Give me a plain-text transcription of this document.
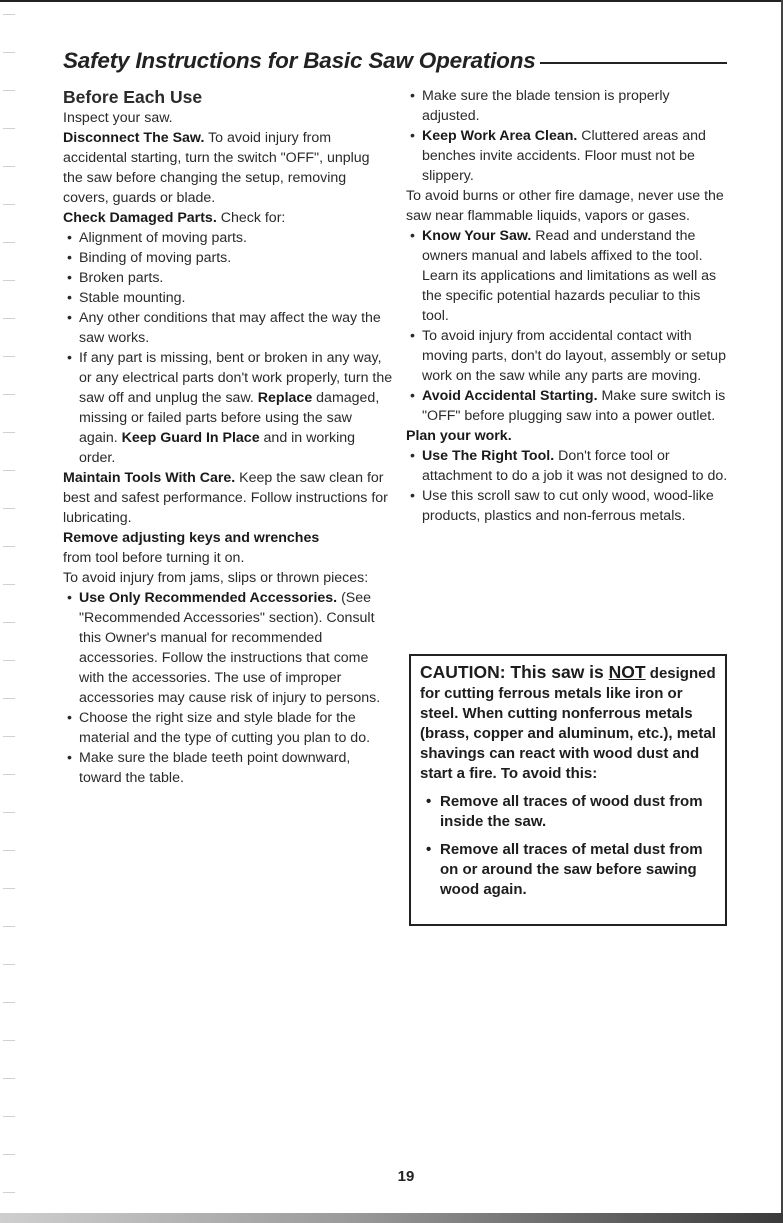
Safety Instructions for Basic Saw Operations

Before Each Use

Inspect your saw.

Disconnect The Saw. To avoid injury from accidental starting, turn the switch "OFF", unplug the saw before changing the setup, removing covers, guards or blade.

Check Damaged Parts. Check for:

• Alignment of moving parts.

• Binding of moving parts.

• Broken parts.

• Stable mounting.

• Any other conditions that may affect the way the saw works.

• If any part is missing, bent or broken in any way, or any electrical parts don't work properly, turn the saw off and unplug the saw. Replace damaged, missing or failed parts before using the saw again. Keep Guard In Place and in working order.

Maintain Tools With Care. Keep the saw clean for best and safest performance. Follow instructions for lubricating.

Remove adjusting keys and wrenches

from tool before turning it on.

To avoid injury from jams, slips or thrown pieces:

• Use Only Recommended Accessories. (See "Recommended Accessories" section). Consult this Owner's manual for recommended accessories. Follow the instructions that come with the accessories. The use of improper accessories may cause risk of injury to persons.

• Choose the right size and style blade for the material and the type of cutting you plan to do.

• Make sure the blade teeth point downward, toward the table.

• Make sure the blade tension is properly adjusted.

• Keep Work Area Clean. Cluttered areas and benches invite accidents. Floor must not be slippery.

To avoid burns or other fire damage, never use the saw near flammable liquids, vapors or gases.

• Know Your Saw. Read and understand the owners manual and labels affixed to the tool. Learn its applications and limitations as well as the specific potential hazards peculiar to this tool.

• To avoid injury from accidental contact with moving parts, don't do layout, assembly or setup work on the saw while any parts are moving.

• Avoid Accidental Starting. Make sure switch is "OFF" before plugging saw into a power outlet.

Plan your work.

• Use The Right Tool. Don't force tool or attachment to do a job it was not designed to do.

• Use this scroll saw to cut only wood, wood-like products, plastics and non-ferrous metals.

CAUTION: This saw is NOT designed for cutting ferrous metals like iron or steel. When cutting nonferrous metals (brass, copper and aluminum, etc.), metal shavings can react with wood dust and start a fire. To avoid this:
• Remove all traces of wood dust from inside the saw.
• Remove all traces of metal dust from on or around the saw before sawing wood again.
19
